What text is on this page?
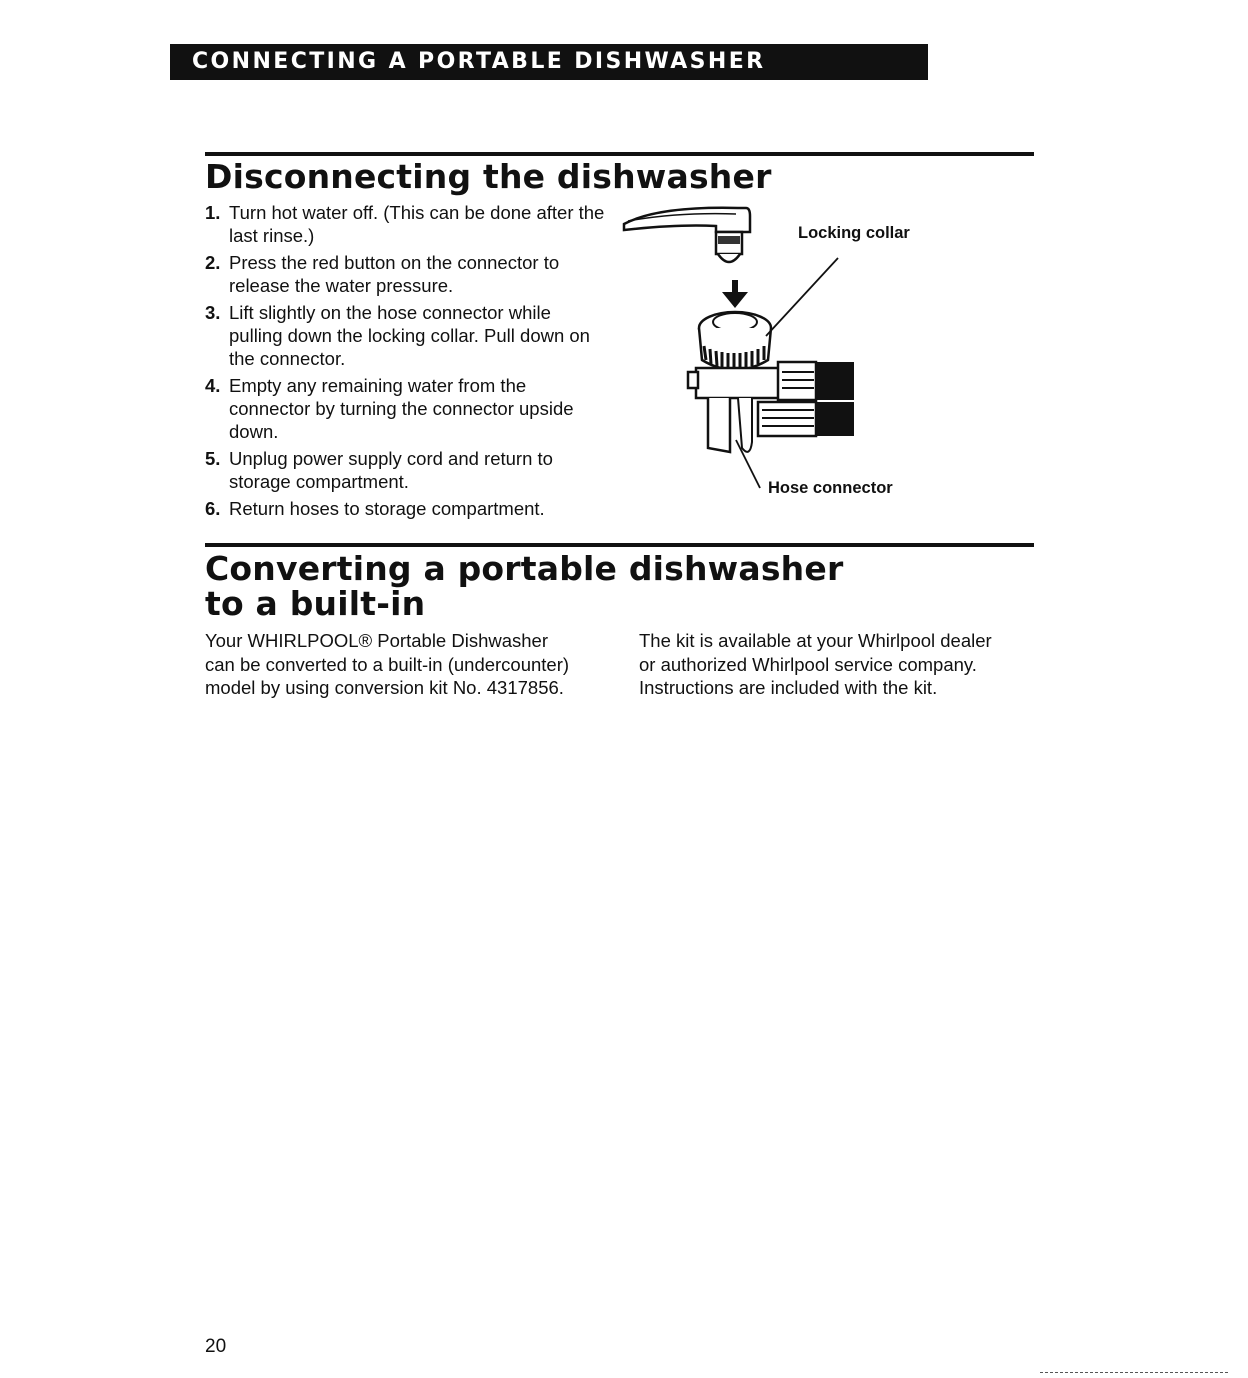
CONNECTING A PORTABLE DISHWASHER
Disconnecting the dishwasher
1. Turn hot water off. (This can be done after the last rinse.)
2. Press the red button on the connector to release the water pressure.
3. Lift slightly on the hose connector while pulling down the locking collar. Pull down on the connector.
4. Empty any remaining water from the connector by turning the connector upside down.
5. Unplug power supply cord and return to storage compartment.
6. Return hoses to storage compartment.
Locking collar
Hose connector
Converting a portable dishwasher
to a built-in

Your WHIRLPOOL® Portable Dishwasher
can be converted to a built-in (undercounter)
model by using conversion kit No. 4317856.

The kit is available at your Whirlpool dealer
or authorized Whirlpool service company.
Instructions are included with the kit.

20
